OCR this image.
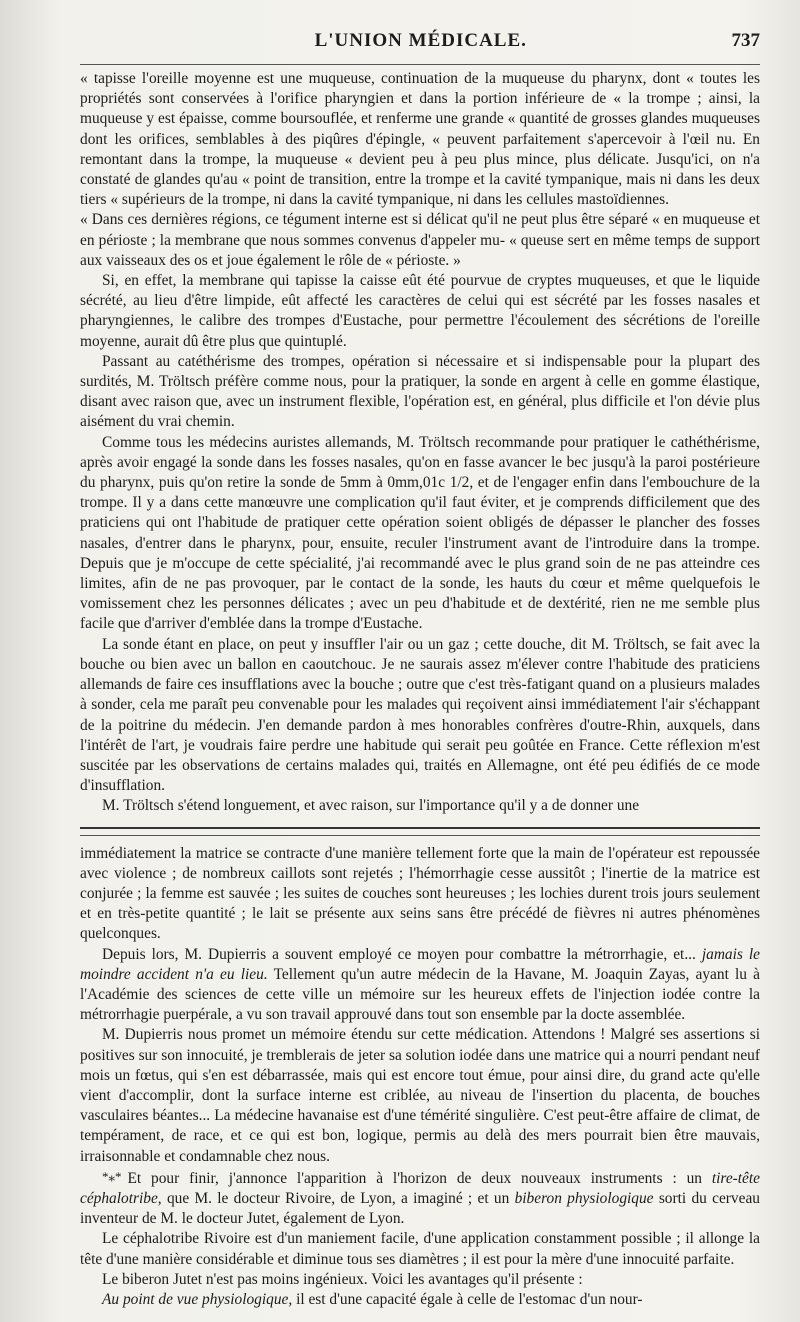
L'UNION MÉDICALE.	737

« tapisse l'oreille moyenne est une muqueuse, continuation de la muqueuse du pharynx, dont « toutes les propriétés sont conservées à l'orifice pharyngien et dans la portion inférieure de « la trompe ; ainsi, la muqueuse y est épaisse, comme boursouflée, et renferme une grande « quantité de grosses glandes muqueuses dont les orifices, semblables à des piqûres d'épingle, « peuvent parfaitement s'apercevoir à l'œil nu. En remontant dans la trompe, la muqueuse « devient peu à peu plus mince, plus délicate. Jusqu'ici, on n'a constaté de glandes qu'au « point de transition, entre la trompe et la cavité tympanique, mais ni dans les deux tiers « supérieurs de la trompe, ni dans la cavité tympanique, ni dans les cellules mastoïdiennes.

« Dans ces dernières régions, ce tégument interne est si délicat qu'il ne peut plus être séparé « en muqueuse et en périoste ; la membrane que nous sommes convenus d'appeler mu- « queuse sert en même temps de support aux vaisseaux des os et joue également le rôle de « périoste. »

Si, en effet, la membrane qui tapisse la caisse eût été pourvue de cryptes muqueuses, et que le liquide sécrété, au lieu d'être limpide, eût affecté les caractères de celui qui est sécrété par les fosses nasales et pharyngiennes, le calibre des trompes d'Eustache, pour permettre l'écoulement des sécrétions de l'oreille moyenne, aurait dû être plus que quintuplé.

Passant au catéthérisme des trompes, opération si nécessaire et si indispensable pour la plupart des surdités, M. Tröltsch préfère comme nous, pour la pratiquer, la sonde en argent à celle en gomme élastique, disant avec raison que, avec un instrument flexible, l'opération est, en général, plus difficile et l'on dévie plus aisément du vrai chemin.

Comme tous les médecins auristes allemands, M. Tröltsch recommande pour pratiquer le cathéthérisme, après avoir engagé la sonde dans les fosses nasales, qu'on en fasse avancer le bec jusqu'à la paroi postérieure du pharynx, puis qu'on retire la sonde de 5mm à 0mm,01c 1/2, et de l'engager enfin dans l'embouchure de la trompe. Il y a dans cette manœuvre une complication qu'il faut éviter, et je comprends difficilement que des praticiens qui ont l'habitude de pratiquer cette opération soient obligés de dépasser le plancher des fosses nasales, d'entrer dans le pharynx, pour, ensuite, reculer l'instrument avant de l'introduire dans la trompe. Depuis que je m'occupe de cette spécialité, j'ai recommandé avec le plus grand soin de ne pas atteindre ces limites, afin de ne pas provoquer, par le contact de la sonde, les hauts du cœur et même quelquefois le vomissement chez les personnes délicates ; avec un peu d'habitude et de dextérité, rien ne me semble plus facile que d'arriver d'emblée dans la trompe d'Eustache.

La sonde étant en place, on peut y insuffler l'air ou un gaz ; cette douche, dit M. Tröltsch, se fait avec la bouche ou bien avec un ballon en caoutchouc. Je ne saurais assez m'élever contre l'habitude des praticiens allemands de faire ces insufflations avec la bouche ; outre que c'est très-fatigant quand on a plusieurs malades à sonder, cela me paraît peu convenable pour les malades qui reçoivent ainsi immédiatement l'air s'échappant de la poitrine du médecin. J'en demande pardon à mes honorables confrères d'outre-Rhin, auxquels, dans l'intérêt de l'art, je voudrais faire perdre une habitude qui serait peu goûtée en France. Cette réflexion m'est suscitée par les observations de certains malades qui, traités en Allemagne, ont été peu édifiés de ce mode d'insufflation.

M. Tröltsch s'étend longuement, et avec raison, sur l'importance qu'il y a de donner une

immédiatement la matrice se contracte d'une manière tellement forte que la main de l'opérateur est repoussée avec violence ; de nombreux caillots sont rejetés ; l'hémorrhagie cesse aussitôt ; l'inertie de la matrice est conjurée ; la femme est sauvée ; les suites de couches sont heureuses ; les lochies durent trois jours seulement et en très-petite quantité ; le lait se présente aux seins sans être précédé de fièvres ni autres phénomènes quelconques.

Depuis lors, M. Dupierris a souvent employé ce moyen pour combattre la métrorrhagie, et... jamais le moindre accident n'a eu lieu. Tellement qu'un autre médecin de la Havane, M. Joaquin Zayas, ayant lu à l'Académie des sciences de cette ville un mémoire sur les heureux effets de l'injection iodée contre la métrorrhagie puerpérale, a vu son travail approuvé dans tout son ensemble par la docte assemblée.

M. Dupierris nous promet un mémoire étendu sur cette médication. Attendons ! Malgré ses assertions si positives sur son innocuité, je tremblerais de jeter sa solution iodée dans une matrice qui a nourri pendant neuf mois un fœtus, qui s'en est débarrassée, mais qui est encore tout émue, pour ainsi dire, du grand acte qu'elle vient d'accomplir, dont la surface interne est criblée, au niveau de l'insertion du placenta, de bouches vasculaires béantes... La médecine havanaise est d'une témérité singulière. C'est peut-être affaire de climat, de tempérament, de race, et ce qui est bon, logique, permis au delà des mers pourrait bien être mauvais, irraisonnable et condamnable chez nous.

*⁎* Et pour finir, j'annonce l'apparition à l'horizon de deux nouveaux instruments : un tire-tête céphalotribe, que M. le docteur Rivoire, de Lyon, a imaginé ; et un biberon physiologique sorti du cerveau inventeur de M. le docteur Jutet, également de Lyon.

Le céphalotribe Rivoire est d'un maniement facile, d'une application constamment possible ; il allonge la tête d'une manière considérable et diminue tous ses diamètres ; il est pour la mère d'une innocuité parfaite.

Le biberon Jutet n'est pas moins ingénieux. Voici les avantages qu'il présente :

Au point de vue physiologique, il est d'une capacité égale à celle de l'estomac d'un nour-
